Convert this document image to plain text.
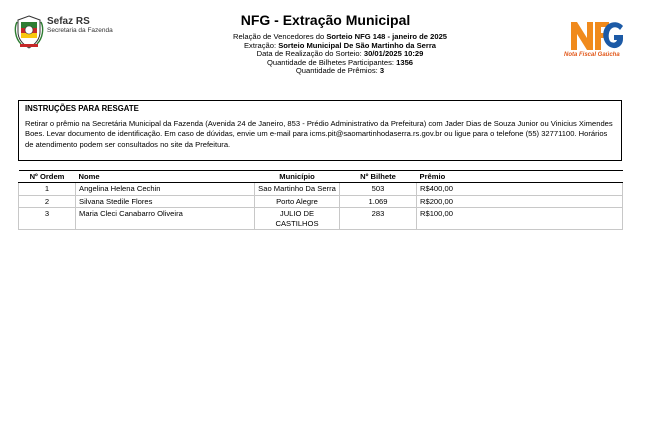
Sefaz RS
Secretaria da Fazenda
NFG - Extração Municipal
Relação de Vencedores do Sorteio NFG 148 - janeiro de 2025
Extração: Sorteio Municipal De São Martinho da Serra
Data de Realização do Sorteio: 30/01/2025 10:29
Quantidade de Bilhetes Participantes: 1356
Quantidade de Prêmios: 3
Nota Fiscal Gaúcha
INSTRUÇÕES PARA RESGATE
Retirar o prêmio na Secretária Municipal da Fazenda (Avenida 24 de Janeiro, 853 - Prédio Administrativo da Prefeitura) com Jader Dias de Souza Junior ou Vinicius Ximendes Boes. Levar documento de identificação. Em caso de dúvidas, envie um e-mail para icms.pit@saomartinhodaserra.rs.gov.br ou ligue para o telefone (55) 32771100. Horários de atendimento podem ser consultados no site da Prefeitura.
Nº Ordem	Nome	Município	Nº Bilhete	Prêmio
1	Angelina Helena Cechin	Sao Martinho Da Serra	503	R$400,00
2	Silvana Stedile Flores	Porto Alegre	1.069	R$200,00
3	Maria Cleci Canabarro Oliveira	JULIO DE CASTILHOS	283	R$100,00
